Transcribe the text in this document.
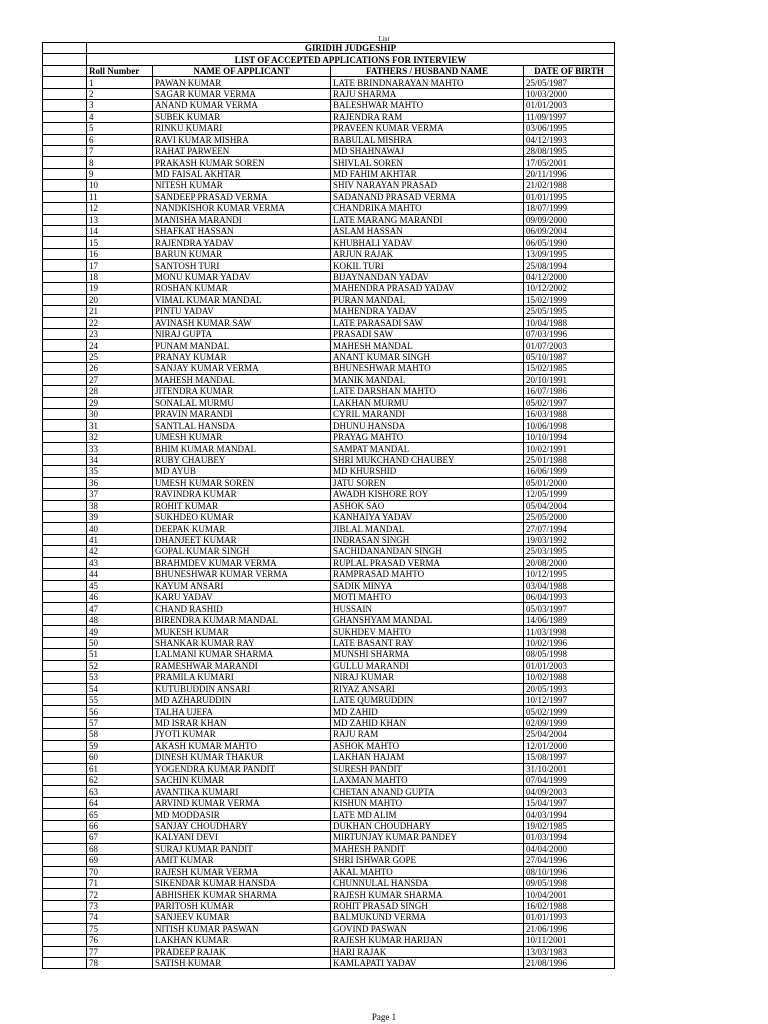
List
	GIRIDIH JUDGESHIP			
	LIST OF ACCEPTED APPLICATIONS FOR INTERVIEW			
	Roll Number	NAME OF APPLICANT	FATHERS / HUSBAND NAME	DATE OF BIRTH
	1	PAWAN KUMAR	LATE BRINDNARAYAN MAHTO	25/05/1987
	2	SAGAR KUMAR VERMA	RAJU SHARMA	10/03/2000
	3	ANAND KUMAR VERMA	BALESHWAR MAHTO	01/01/2003
	4	SUBEK KUMAR	RAJENDRA RAM	11/09/1997
	5	RINKU KUMARI	PRAVEEN KUMAR VERMA	03/06/1995
	6	RAVI KUMAR MISHRA	BABULAL MISHRA	04/12/1993
	7	RAHAT PARWEEN	MD SHAHNAWAJ	28/08/1995
	8	PRAKASH KUMAR SOREN	SHIVLAL SOREN	17/05/2001
	9	MD FAISAL AKHTAR	MD FAHIM AKHTAR	20/11/1996
	10	NITESH KUMAR	SHIV NARAYAN PRASAD	21/02/1988
	11	SANDEEP PRASAD VERMA	SADANAND PRASAD VERMA	01/01/1995
	12	NANDKISHOR KUMAR VERMA	CHANDRIKA MAHTO	18/07/1999
	13	MANISHA MARANDI	LATE MARANG MARANDI	09/09/2000
	14	SHAFKAT HASSAN	ASLAM HASSAN	06/09/2004
	15	RAJENDRA YADAV	KHUBHALI YADAV	06/05/1990
	16	BARUN KUMAR	ARJUN RAJAK	13/09/1995
	17	SANTOSH TURI	KOKIL TURI	25/08/1994
	18	MONU KUMAR YADAV	BIJAYNANDAN YADAV	04/12/2000
	19	ROSHAN KUMAR	MAHENDRA PRASAD YADAV	10/12/2002
	20	VIMAL KUMAR MANDAL	PURAN MANDAL	15/02/1999
	21	PINTU YADAV	MAHENDRA YADAV	25/05/1995
	22	AVINASH KUMAR SAW	LATE PARASADI SAW	10/04/1988
	23	NIRAJ GUPTA	PRASADI SAW	07/03/1996
	24	PUNAM MANDAL	MAHESH MANDAL	01/07/2003
	25	PRANAY KUMAR	ANANT KUMAR SINGH	05/10/1987
	26	SANJAY KUMAR VERMA	BHUNESHWAR MAHTO	15/02/1985
	27	MAHESH MANDAL	MANIK MANDAL	20/10/1991
	28	JITENDRA KUMAR	LATE DARSHAN MAHTO	16/07/1986
	29	SONALAL MURMU	LAKHAN MURMU	05/02/1997
	30	PRAVIN MARANDI	CYRIL MARANDI	16/03/1988
	31	SANTLAL HANSDA	DHUNU HANSDA	10/06/1998
	32	UMESH KUMAR	PRAYAG MAHTO	10/10/1994
	33	BHIM KUMAR MANDAL	SAMPAT MANDAL	10/02/1991
	34	RUBY CHAUBEY	SHRI MUKCHAND CHAUBEY	25/01/1988
	35	MD AYUB	MD KHURSHID	16/06/1999
	36	UMESH KUMAR SOREN	JATU SOREN	05/01/2000
	37	RAVINDRA KUMAR	AWADH KISHORE ROY	12/05/1999
	38	ROHIT KUMAR	ASHOK SAO	05/04/2004
	39	SUKHDEO KUMAR	KANHAIYA YADAV	25/05/2000
	40	DEEPAK KUMAR	JIBLAL MANDAL	27/07/1994
	41	DHANJEET KUMAR	INDRASAN SINGH	19/03/1992
	42	GOPAL KUMAR SINGH	SACHIDANANDAN SINGH	25/03/1995
	43	BRAHMDEV KUMAR VERMA	RUPLAL PRASAD VERMA	20/08/2000
	44	BHUNESHWAR KUMAR VERMA	RAMPRASAD MAHTO	10/12/1995
	45	KAYUM ANSARI	SADIK MINYA	03/04/1988
	46	KARU YADAV	MOTI MAHTO	06/04/1993
	47	CHAND RASHID	HUSSAIN	05/03/1997
	48	BIRENDRA KUMAR MANDAL	GHANSHYAM MANDAL	14/06/1989
	49	MUKESH KUMAR	SUKHDEV MAHTO	11/03/1998
	50	SHANKAR KUMAR RAY	LATE BASANT RAY	10/02/1996
	51	LALMANI KUMAR SHARMA	MUNSHI SHARMA	08/05/1998
	52	RAMESHWAR MARANDI	GULLU MARANDI	01/01/2003
	53	PRAMILA KUMARI	NIRAJ KUMAR	10/02/1988
	54	KUTUBUDDIN ANSARI	RIYAZ ANSARI	20/05/1993
	55	MD AZHARUDDIN	LATE QUMRUDDIN	10/12/1997
	56	TALHA UJEFA	MD ZAHID	05/02/1999
	57	MD ISRAR KHAN	MD ZAHID KHAN	02/09/1999
	58	JYOTI KUMAR	RAJU RAM	25/04/2004
	59	AKASH KUMAR MAHTO	ASHOK MAHTO	12/01/2000
	60	DINESH KUMAR THAKUR	LAKHAN HAJAM	15/08/1997
	61	YOGENDRA KUMAR PANDIT	SURESH PANDIT	31/10/2001
	62	SACHIN KUMAR	LAXMAN MAHTO	07/04/1999
	63	AVANTIKA KUMARI	CHETAN ANAND GUPTA	04/09/2003
	64	ARVIND KUMAR VERMA	KISHUN MAHTO	15/04/1997
	65	MD MODDASIR	LATE MD ALIM	04/03/1994
	66	SANJAY CHOUDHARY	DUKHAN CHOUDHARY	19/02/1985
	67	KALYANI DEVI	MIRTUNJAY KUMAR PANDEY	01/03/1994
	68	SURAJ KUMAR PANDIT	MAHESH PANDIT	04/04/2000
	69	AMIT KUMAR	SHRI ISHWAR GOPE	27/04/1996
	70	RAJESH KUMAR VERMA	AKAL MAHTO	08/10/1996
	71	SIKENDAR KUMAR HANSDA	CHUNNULAL HANSDA	09/05/1998
	72	ABHISHEK KUMAR SHARMA	RAJESH KUMAR SHARMA	10/04/2001
	73	PARITOSH KUMAR	ROHIT PRASAD SINGH	16/02/1988
	74	SANJEEV KUMAR	BALMUKUND VERMA	01/01/1993
	75	NITISH KUMAR PASWAN	GOVIND PASWAN	21/06/1996
	76	LAKHAN KUMAR	RAJESH KUMAR HARIJAN	10/11/2001
	77	PRADEEP RAJAK	HARI RAJAK	13/03/1983
	78	SATISH KUMAR	KAMLAPATI YADAV	21/08/1996
Page 1
